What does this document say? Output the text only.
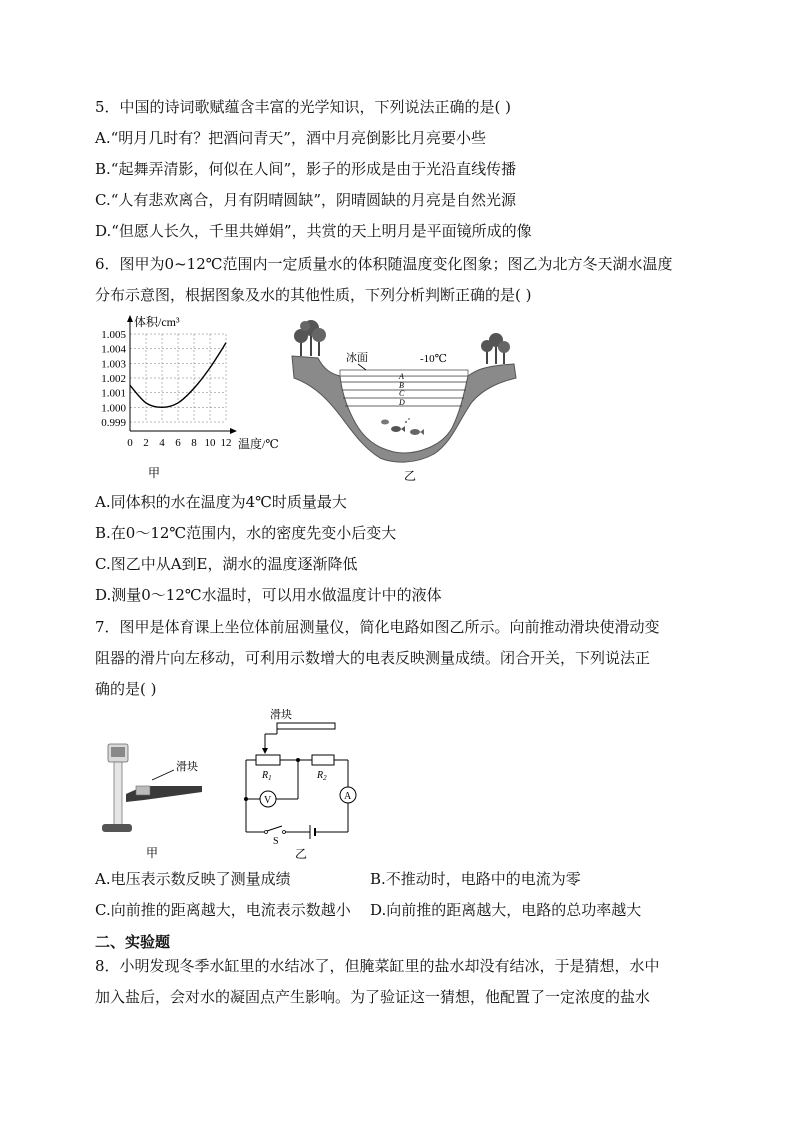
5．中国的诗词歌赋蕴含丰富的光学知识，下列说法正确的是( )
A.“明月几时有？把酒问青天”，酒中月亮倒影比月亮要小些
B.“起舞弄清影，何似在人间”，影子的形成是由于光沿直线传播
C.“人有悲欢离合，月有阴晴圆缺”，阴晴圆缺的月亮是自然光源
D.“但愿人长久，千里共婵娟”，共赏的天上明月是平面镜所成的像
6．图甲为0~12℃范围内一定质量水的体积随温度变化图象；图乙为北方冬天湖水温度
分布示意图，根据图象及水的其他性质，下列分析判断正确的是( )
体积/cm³
1.005
1.004
1.003
1.002
1.001
1.000
0.999
0 2 4 6 8 10 12 温度/℃
甲
冰面	-10℃
A
B
C
D
乙
A.同体积的水在温度为4℃时质量最大
B.在0～12℃范围内，水的密度先变小后变大
C.图乙中从A到E，湖水的温度逐渐降低
D.测量0～12℃水温时，可以用水做温度计中的液体
7．图甲是体育课上坐位体前屈测量仪，简化电路如图乙所示。向前推动滑块使滑动变
阻器的滑片向左移动，可利用示数增大的电表反映测量成绩。闭合开关，下列说法正
确的是( )
滑块
甲
滑块
$R_1$	$R_2$
V	A
S
乙
A.电压表示数反映了测量成绩	B.不推动时，电路中的电流为零
C.向前推的距离越大，电流表示数越小 D.向前推的距离越大，电路的总功率越大
二、实验题
8．小明发现冬季水缸里的水结冰了，但腌菜缸里的盐水却没有结冰，于是猜想，水中
加入盐后，会对水的凝固点产生影响。为了验证这一猜想，他配置了一定浓度的盐水
